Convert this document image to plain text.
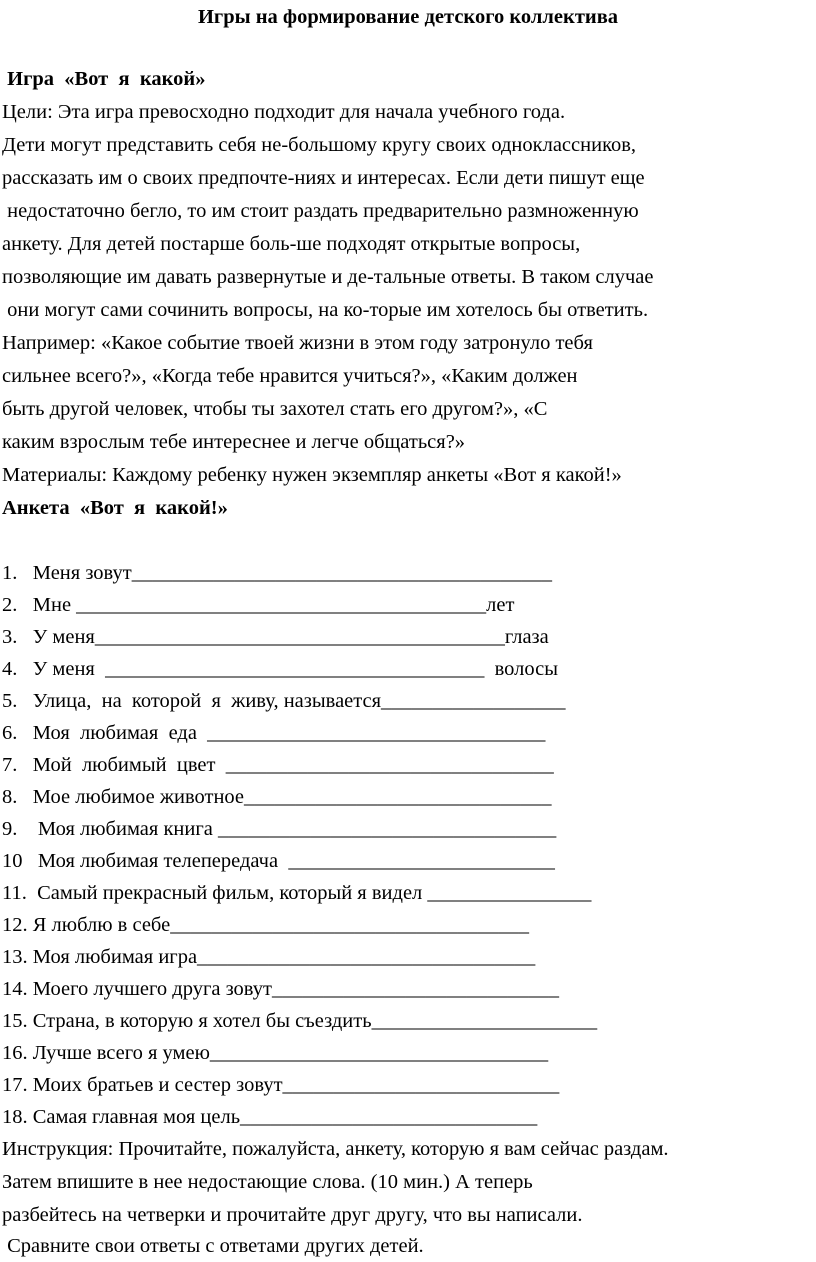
Игры на формирование детского коллектива
Игра  «Вот  я  какой»
Цели: Эта игра превосходно подходит для начала учебного года.
Дети могут представить себя не-большому кругу своих одноклассников,
рассказать им о своих предпочте-ниях и интересах. Если дети пишут еще
недостаточно бегло, то им стоит раздать предварительно размноженную
анкету. Для детей постарше боль-ше подходят открытые вопросы,
позволяющие им давать развернутые и де-тальные ответы. В таком случае
они могут сами сочинить вопросы, на ко-торые им хотелось бы ответить.
Например: «Какое событие твоей жизни в этом году затронуло тебя
сильнее всего?», «Когда тебе нравится учиться?», «Каким должен
быть другой человек, чтобы ты захотел стать его другом?», «С
каким взрослым тебе интереснее и легче общаться?»
Материалы: Каждому ребенку нужен экземпляр анкеты «Вот я какой!»
Анкета  «Вот  я  какой!»
1.   Меня зовут_________________________________________
2.   Мне ________________________________________лет
3.   У меня________________________________________глаза
4.   У меня  _____________________________________  волосы
5.   Улица,  на  которой  я  живу, называется__________________
6.   Моя  любимая  еда  _________________________________
7.   Мой  любимый  цвет  ________________________________
8.   Мое любимое животное______________________________
9.    Моя любимая книга _________________________________
10   Моя любимая телепередача  __________________________
11.  Самый прекрасный фильм, который я видел ________________
12. Я люблю в себе___________________________________
13. Моя любимая игра_________________________________
14. Моего лучшего друга зовут____________________________
15. Страна, в которую я хотел бы съездить______________________
16. Лучше всего я умею_________________________________
17. Моих братьев и сестер зовут___________________________
18. Самая главная моя цель_____________________________
Инструкция: Прочитайте, пожалуйста, анкету, которую я вам сейчас раздам.
Затем впишите в нее недостающие слова. (10 мин.) А теперь
разбейтесь на четверки и прочитайте друг другу, что вы написали.
Сравните свои ответы с ответами других детей.
